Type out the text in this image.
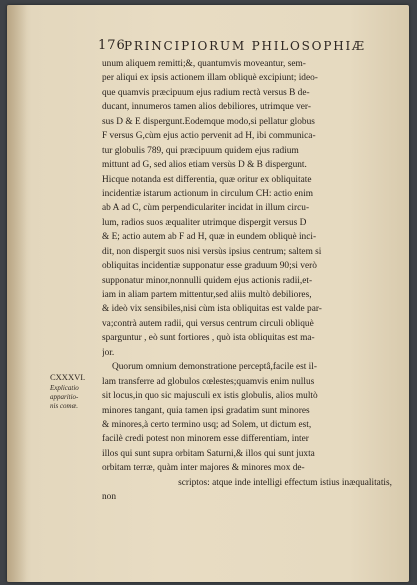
176
PRINCIPIORUM PHILOSOPHIÆ
unum aliquem remitti;&, quantumvis moveantur, sem-
per aliqui ex ipsis actionem illam obliquè excipiunt; ideo-
que quamvis præcipuum ejus radium rectà versus B de-
ducant, innumeros tamen alios debiliores, utrimque ver-
sus D & E dispergunt.Eodemque modo,si pellatur globus
F versus G,cùm ejus actio pervenit ad H, ibi communica-
tur globulis 789, qui præcipuum quidem ejus radium
mittunt ad G, sed alios etiam versùs D & B dispergunt.
Hicque notanda est differentia, quæ oritur ex obliquitate
incidentiæ istarum actionum in circulum CH: actio enim
ab A ad C, cùm perpendiculariter incidat in illum circu-
lum, radios suos æqualiter utrimque dispergit versus D
& E; actio autem ab F ad H, quæ in eundem obliquè inci-
dit, non dispergit suos nisi versùs ipsius centrum; saltem si
obliquitas incidentiæ supponatur esse graduum 90;si verò
supponatur minor,nonnulli quidem ejus actionis radii,et-
iam in aliam partem mittentur,sed aliis multò debiliores,
& ideò vix sensibiles,nisi cùm ista obliquitas est valde par-
va;contrà autem radii, qui versus centrum circuli obliquè
sparguntur , eò sunt fortiores , quò ista obliquitas est ma-
jor.
Quorum omnium demonstratione perceptâ,facile est il-
lam transferre ad globulos cœlestes;quamvis enim nullus
sit locus,in quo sic majusculi ex istis globulis, alios multò
minores tangant, quia tamen ipsi gradatim sunt minores
& minores,à certo termino usq; ad Solem, ut dictum est,
facilè credi potest non minorem esse differentiam, inter
illos qui sunt supra orbitam Saturni,& illos qui sunt juxta
orbitam terræ, quàm inter majores & minores mox de-
scriptos: atque inde intelligi effectum istius inæqualitatis,
non
CXXXVI.
Explicatio
apparitio-
nis comæ.
